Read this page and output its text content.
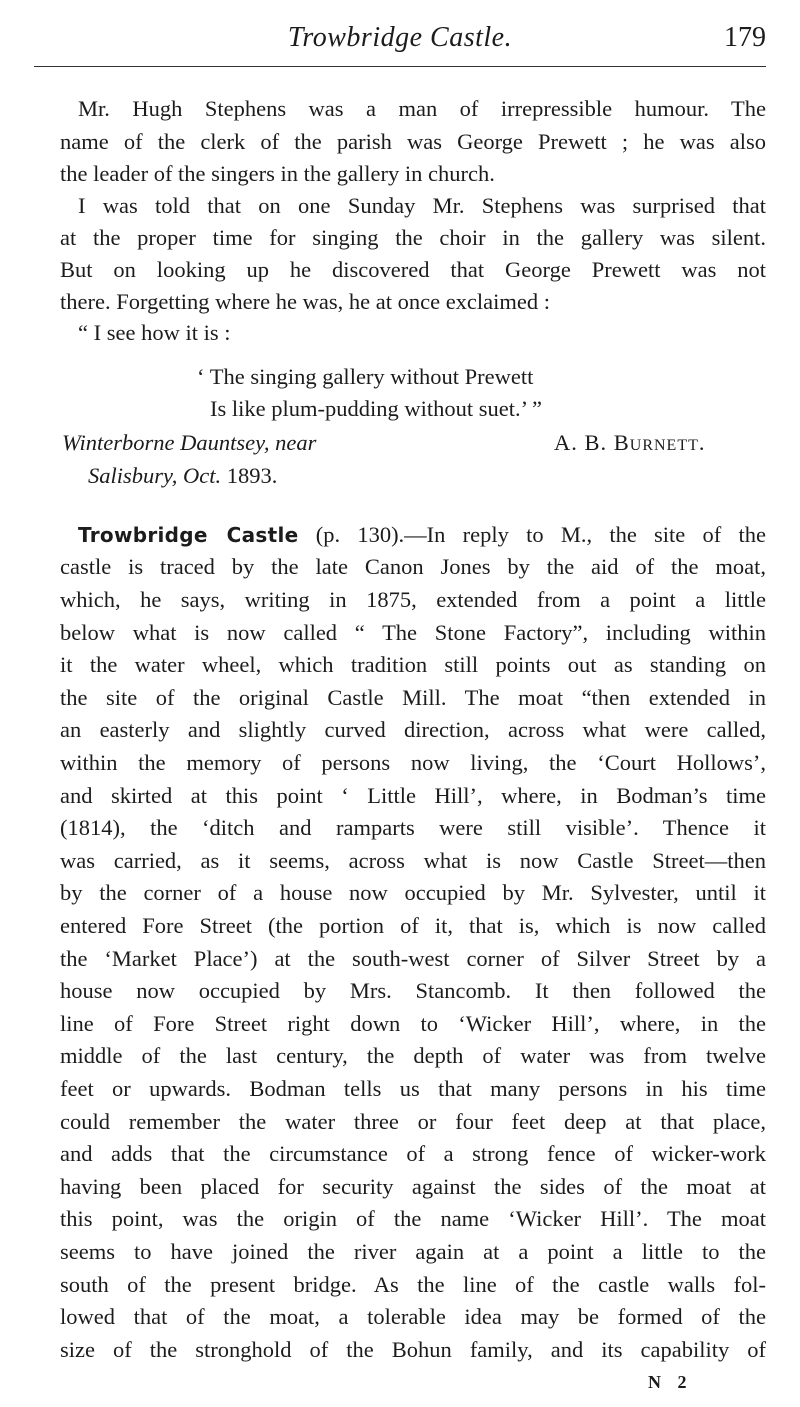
Trowbridge Castle.	179
Mr. Hugh Stephens was a man of irrepressible humour. The
name of the clerk of the parish was George Prewett ; he was also
the leader of the singers in the gallery in church.
I was told that on one Sunday Mr. Stephens was surprised that
at the proper time for singing the choir in the gallery was silent.
But on looking up he discovered that George Prewett was not
there. Forgetting where he was, he at once exclaimed :
“ I see how it is :
‘ The singing gallery without Prewett
Is like plum-pudding without suet.’ ”
Winterborne Dauntsey, near	A. B. Burnett.
Salisbury, Oct. 1893.
Trowbridge Castle (p. 130).—In reply to M., the site of the
castle is traced by the late Canon Jones by the aid of the moat,
which, he says, writing in 1875, extended from a point a little
below what is now called “ The Stone Factory”, including within
it the water wheel, which tradition still points out as standing on
the site of the original Castle Mill. The moat “then extended in
an easterly and slightly curved direction, across what were called,
within the memory of persons now living, the ‘Court Hollows’,
and skirted at this point ‘ Little Hill’, where, in Bodman’s time
(1814), the ‘ditch and ramparts were still visible’. Thence it
was carried, as it seems, across what is now Castle Street—then
by the corner of a house now occupied by Mr. Sylvester, until it
entered Fore Street (the portion of it, that is, which is now called
the ‘Market Place’) at the south-west corner of Silver Street by a
house now occupied by Mrs. Stancomb. It then followed the
line of Fore Street right down to ‘Wicker Hill’, where, in the
middle of the last century, the depth of water was from twelve
feet or upwards. Bodman tells us that many persons in his time
could remember the water three or four feet deep at that place,
and adds that the circumstance of a strong fence of wicker-work
having been placed for security against the sides of the moat at
this point, was the origin of the name ‘Wicker Hill’. The moat
seems to have joined the river again at a point a little to the
south of the present bridge. As the line of the castle walls fol-
lowed that of the moat, a tolerable idea may be formed of the
size of the stronghold of the Bohun family, and its capability of
N 2
